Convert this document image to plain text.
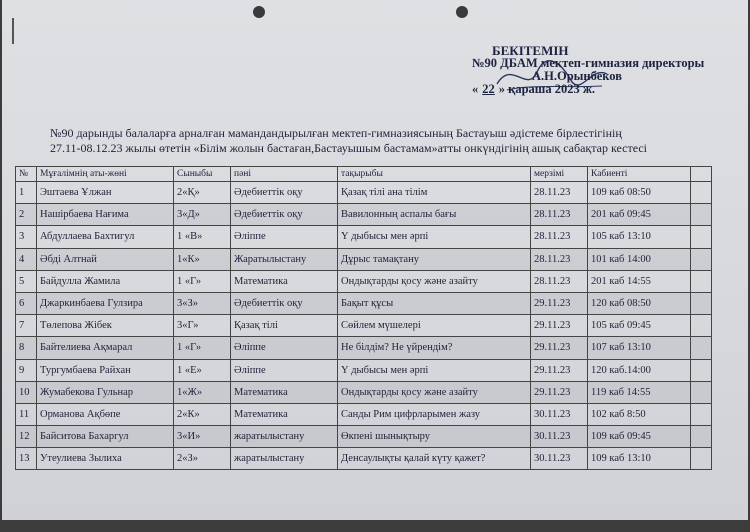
БЕКІТЕМІН
№90 ДБАМ мектеп-гимназия директоры
А.Н.Орынбеков
« 22 » қараша 2023 ж.
№90 дарынды балаларға арналған мамандандырылған мектеп-гимназиясының Бастауыш әдістеме бірлестігінің
27.11-08.12.23 жылы өтетін «Білім жолын бастаған,Бастауышым бастамам»атты онкүндігінің ашық сабақтар кестесі
№	Мұғалімнің аты-жөні	Сыныбы	пәні	тақырыбы	мерзімі	Кабиенті	
1	Эштаева Ұлжан	2«Қ»	Әдебиеттік оқу	Қазақ тілі ана тілім	28.11.23	109 каб 08:50	
2	Нашірбаева Нағима	3«Д»	Әдебиеттік оқу	Вавилонның аспалы бағы	28.11.23	201 каб 09:45	
3	Абдуллаева Бахтигул	1 «В»	Әліппе	Ү дыбысы мен әрпі	28.11.23	105 каб 13:10	
4	Әбді Алтнай	1«К»	Жаратылыстану	Дұрыс тамақтану	28.11.23	101 каб 14:00	
5	Байдулла Жамила	1 «Г»	Математика	Ондықтарды қосу және азайту	28.11.23	201 каб 14:55	
6	Джаркинбаева Гулзира	3«З»	Әдебиеттік оқу	Бақыт құсы	29.11.23	120 каб 08:50	
7	Төлепова Жібек	3«Г»	Қазақ тілі	Сөйлем мүшелері	29.11.23	105 каб 09:45	
8	Байтелиева Ақмарал	1 «Г»	Әліппе	Не білдім? Не үйрендім?	29.11.23	107 каб 13:10	
9	Тургумбаева Райхан	1 «Е»	Әліппе	Ү дыбысы мен әрпі	29.11.23	120 каб.14:00	
10	Жумабекова Гульнар	1«Ж»	Математика	Ондықтарды қосу және азайту	29.11.23	119 каб 14:55	
11	Орманова Ақбөпе	2«К»	Математика	Санды Рим цифрларымен жазу	30.11.23	102 каб 8:50	
12	Байситова Бахаргул	3«И»	жаратылыстану	Өкпені шынықтыру	30.11.23	109 каб 09:45	
13	Утеулиева Зылиха	2«З»	жаратылыстану	Денсаулықты қалай күту қажет?	30.11.23	109 каб 13:10	
